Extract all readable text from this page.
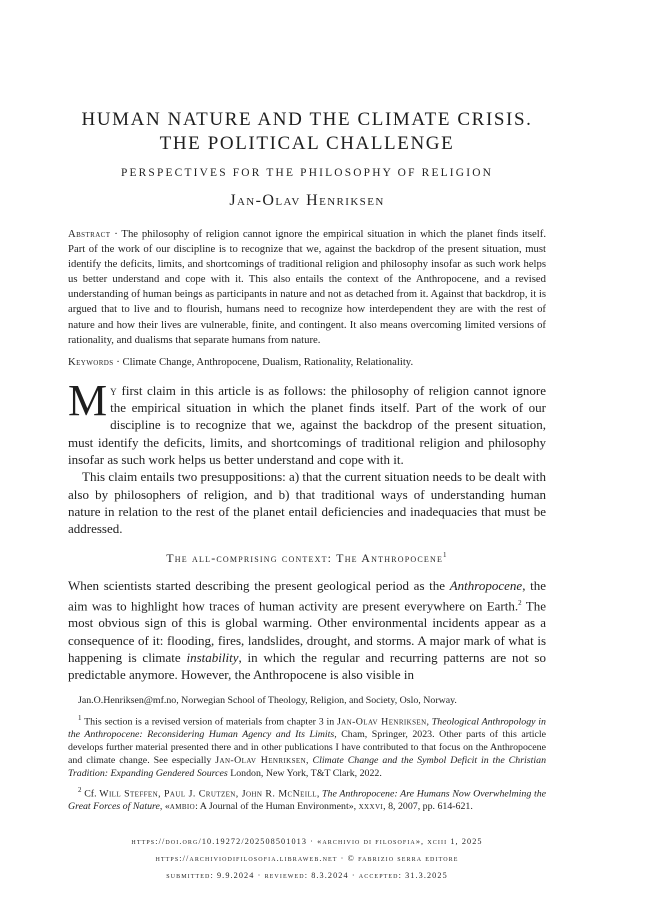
HUMAN NATURE AND THE CLIMATE CRISIS.
THE POLITICAL CHALLENGE
PERSPECTIVES FOR THE PHILOSOPHY OF RELIGION
Jan-Olav Henriksen

Abstract · The philosophy of religion cannot ignore the empirical situation in which the planet finds itself. Part of the work of our discipline is to recognize that we, against the backdrop of the present situation, must identify the deficits, limits, and shortcomings of traditional religion and philosophy insofar as such work helps us better understand and cope with it. This also entails the context of the Anthropocene, and a revised understanding of human beings as participants in nature and not as detached from it. Against that backdrop, it is argued that to live and to flourish, humans need to recognize how interdependent they are with the rest of nature and how their lives are vulnerable, finite, and contingent. It also means overcoming limited versions of rationality, and dualisms that separate humans from nature.

Keywords · Climate Change, Anthropocene, Dualism, Rationality, Relationality.

My first claim in this article is as follows: the philosophy of religion cannot ignore the empirical situation in which the planet finds itself. Part of the work of our discipline is to recognize that we, against the backdrop of the present situation, must identify the deficits, limits, and shortcomings of traditional religion and philosophy insofar as such work helps us better understand and cope with it.

This claim entails two presuppositions: a) that the current situation needs to be dealt with also by philosophers of religion, and b) that traditional ways of understanding human nature in relation to the rest of the planet entail deficiencies and inadequacies that must be addressed.

The all-comprising context: The Anthropocene$^1$

When scientists started describing the present geological period as the Anthropocene, the aim was to highlight how traces of human activity are present everywhere on Earth.$^2$ The most obvious sign of this is global warming. Other environmental incidents appear as a consequence of it: flooding, fires, landslides, drought, and storms. A major mark of what is happening is climate instability, in which the regular and recurring patterns are not so predictable anymore. However, the Anthropocene is also visible in

Jan.O.Henriksen@mf.no, Norwegian School of Theology, Religion, and Society, Oslo, Norway.

$^1$ This section is a revised version of materials from chapter 3 in Jan-Olav Henriksen, Theological Anthropology in the Anthropocene: Reconsidering Human Agency and Its Limits, Cham, Springer, 2023. Other parts of this article develops further material presented there and in other publications I have contributed to that focus on the Anthropocene and climate change. See especially Jan-Olav Henriksen, Climate Change and the Symbol Deficit in the Christian Tradition: Expanding Gendered Sources London, New York, T&T Clark, 2022.

$^2$ Cf. Will Steffen, Paul J. Crutzen, John R. McNeill, The Anthropocene: Are Humans Now Overwhelming the Great Forces of Nature, «ambio: A Journal of the Human Environment», xxxvi, 8, 2007, pp. 614-621.

https://doi.org/10.19272/202508501013 · «archivio di filosofia», xciii 1, 2025
https://archiviodifilosofia.libraweb.net · © fabrizio serra editore
submitted: 9.9.2024 · reviewed: 8.3.2024 · accepted: 31.3.2025
